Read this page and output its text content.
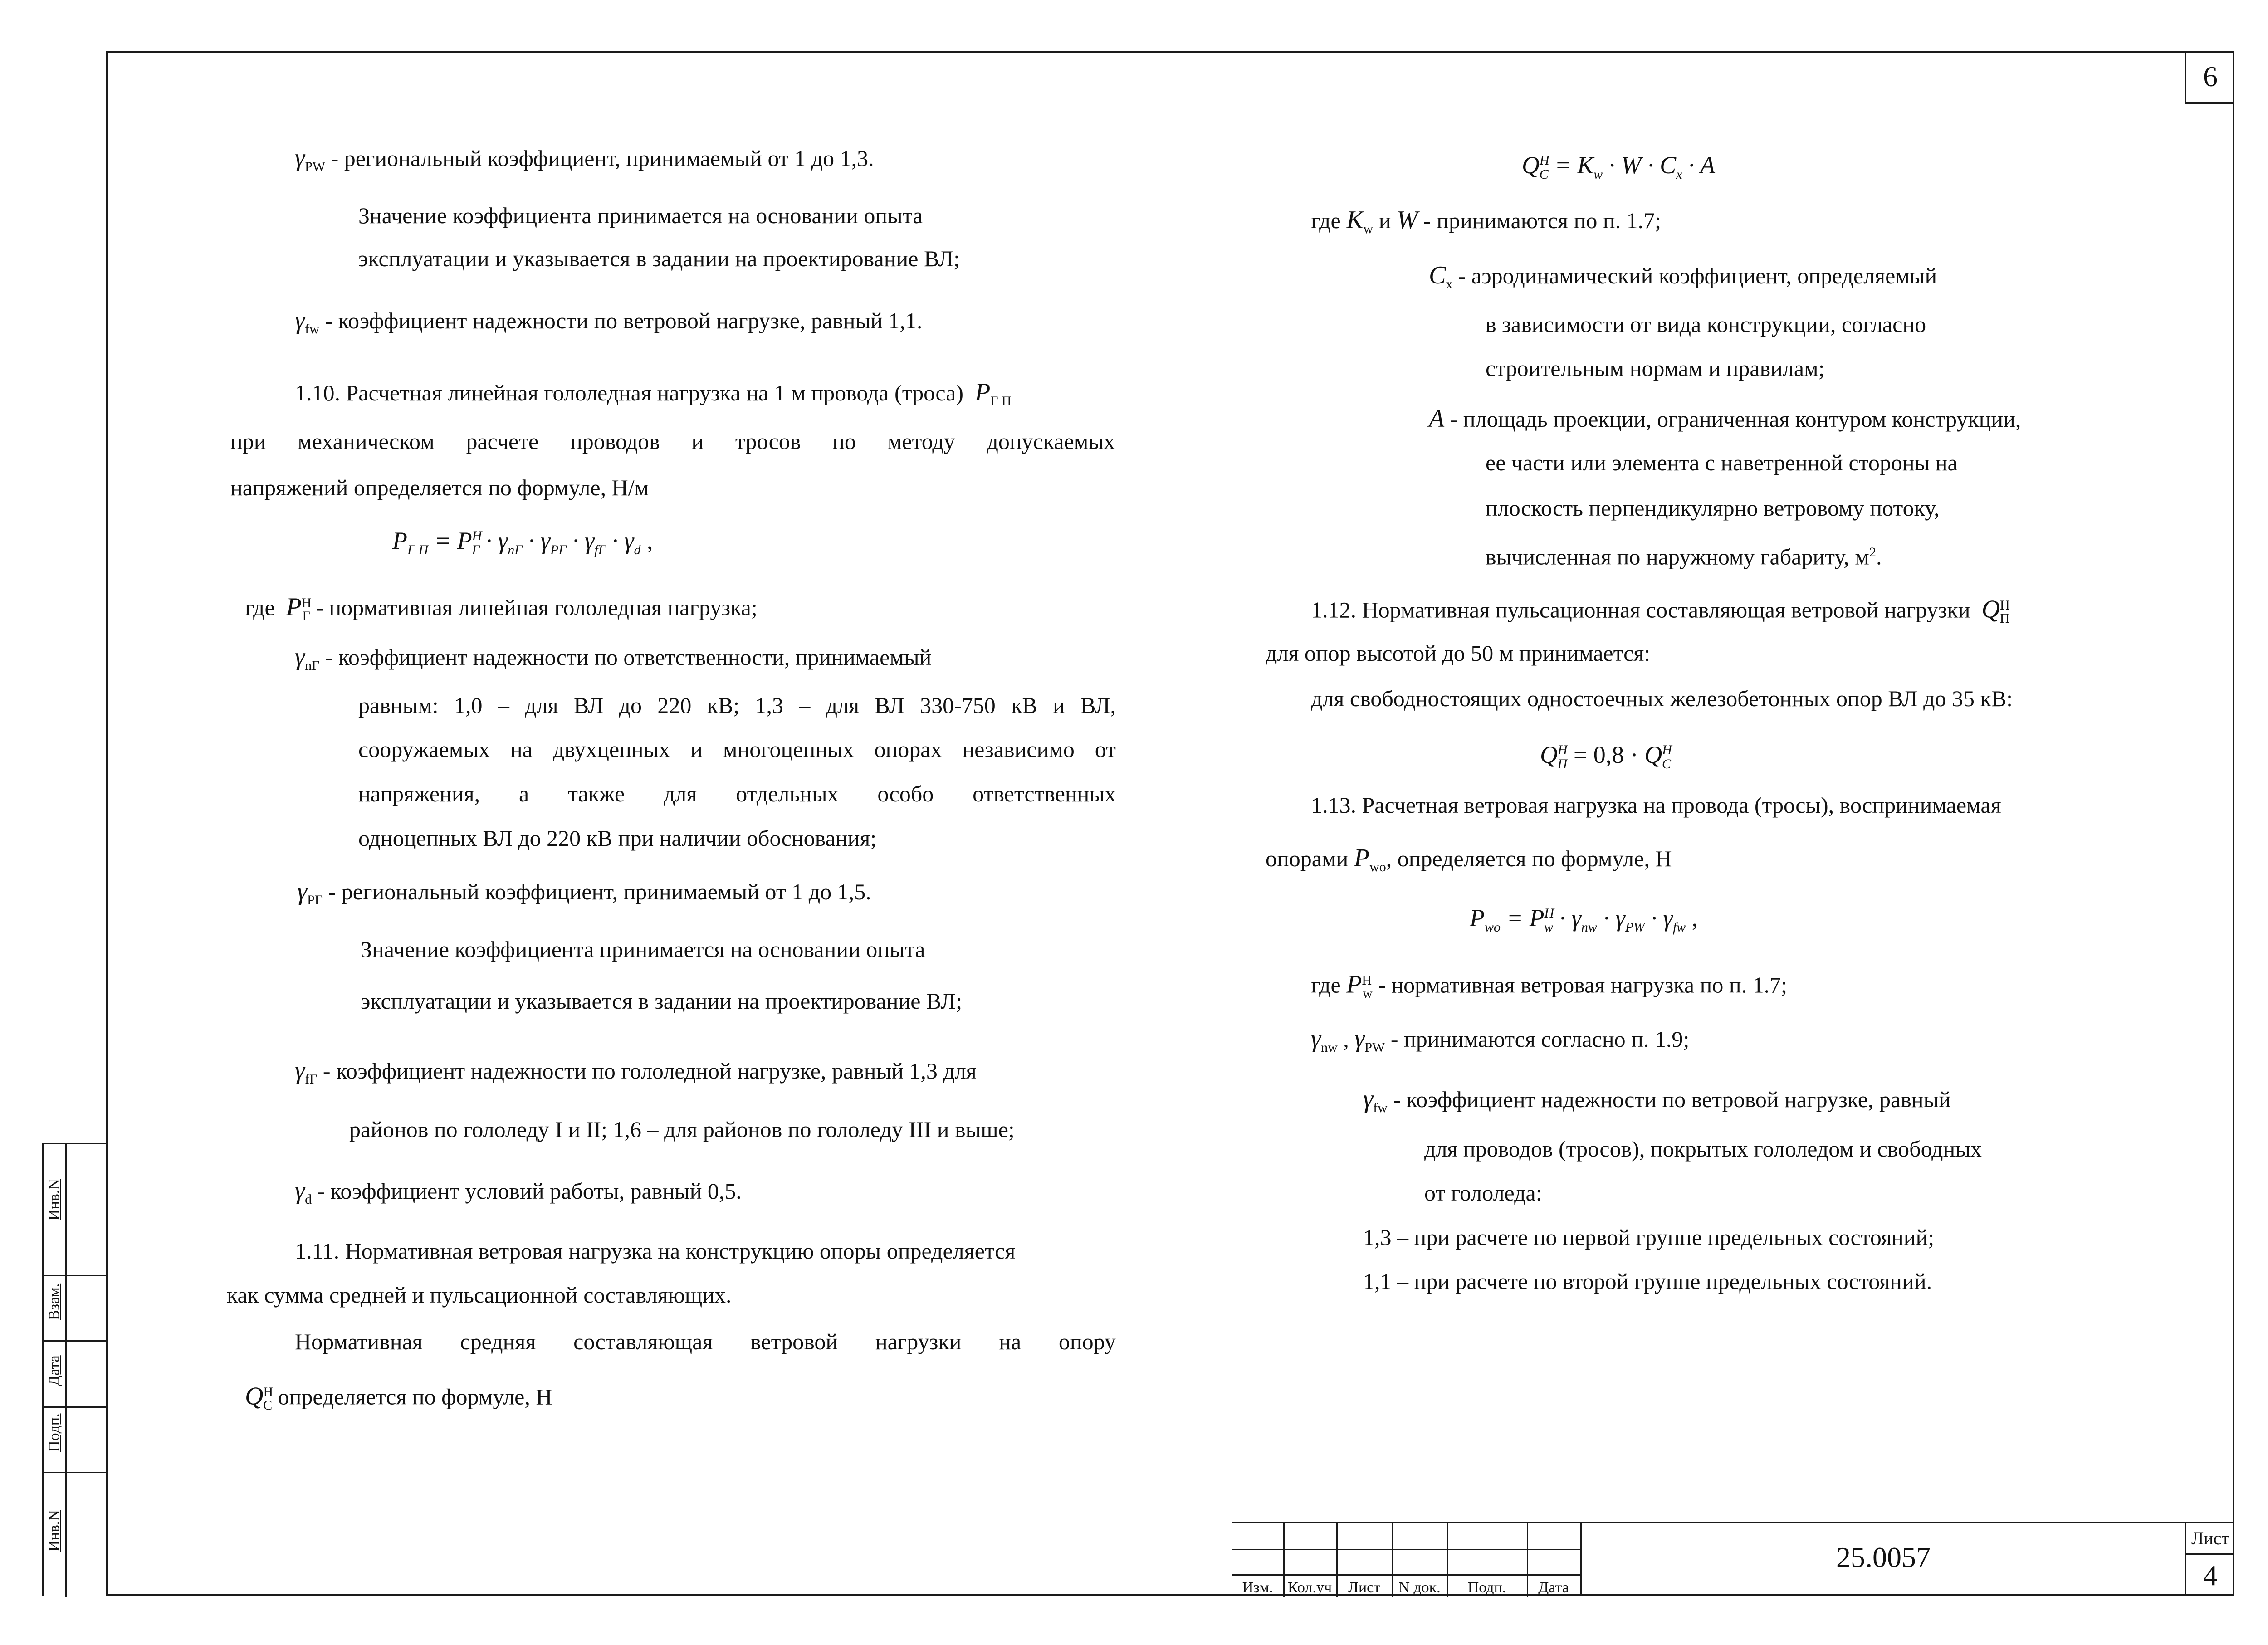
6
$\gamma_{PW}$ - региональный коэффициент, принимаемый от 1 до 1,3.
Значение коэффициента принимается на основании опыта
эксплуатации и указывается в задании на проектирование ВЛ;
$\gamma_{fw}$ - коэффициент надежности по ветровой нагрузке, равный 1,1.
1.10. Расчетная линейная гололедная нагрузка на 1 м провода (троса) $P_{Г П}$
при механическом расчете проводов и тросов по методу допускаемых
напряжений определяется по формуле, Н/м
$P_{Г П} = P^Н_Г \cdot \gamma_{nГ} \cdot \gamma_{PГ} \cdot \gamma_{fГ} \cdot \gamma_d$ ,
где $P^Н_Г$ - нормативная линейная гололедная нагрузка;
$\gamma_{nГ}$ - коэффициент надежности по ответственности, принимаемый
равным: 1,0 – для ВЛ до 220 кВ; 1,3 – для ВЛ 330-750 кВ и ВЛ,
сооружаемых на двухцепных и многоцепных опорах независимо от
напряжения, а также для отдельных особо ответственных
одноцепных ВЛ до 220 кВ при наличии обоснования;
$\gamma_{PГ}$ - региональный коэффициент, принимаемый от 1 до 1,5.
Значение коэффициента принимается на основании опыта
эксплуатации и указывается в задании на проектирование ВЛ;
$\gamma_{fГ}$ - коэффициент надежности по гололедной нагрузке, равный 1,3 для
районов по гололеду I и II; 1,6 – для районов по гололеду III и выше;
$\gamma_d$ - коэффициент условий работы, равный 0,5.
1.11. Нормативная ветровая нагрузка на конструкцию опоры определяется
как сумма средней и пульсационной составляющих.
Нормативная средняя составляющая ветровой нагрузки на опору
$Q^Н_C$ определяется по формуле, Н
$Q^Н_C = K_w \cdot W \cdot C_x \cdot A$
где $K_w$ и W - принимаются по п. 1.7;
$C_x$ - аэродинамический коэффициент, определяемый
в зависимости от вида конструкции, согласно
строительным нормам и правилам;
A - площадь проекции, ограниченная контуром конструкции,
ее части или элемента с наветренной стороны на
плоскость перпендикулярно ветровому потоку,
вычисленная по наружному габариту, $м^2$.
1.12. Нормативная пульсационная составляющая ветровой нагрузки $Q^Н_П$
для опор высотой до 50 м принимается:
для свободностоящих одностоечных железобетонных опор ВЛ до 35 кВ:
$Q^Н_П = 0,8 \cdot Q^Н_C$
1.13. Расчетная ветровая нагрузка на провода (тросы), воспринимаемая
опорами $P_{wo}$, определяется по формуле, Н
$P_{wo} = P^Н_w \cdot \gamma_{nw} \cdot \gamma_{PW} \cdot \gamma_{fw}$ ,
где $P^Н_w$ - нормативная ветровая нагрузка по п. 1.7;
$\gamma_{nw}$ , $\gamma_{PW}$ - принимаются согласно п. 1.9;
$\gamma_{fw}$ - коэффициент надежности по ветровой нагрузке, равный
для проводов (тросов), покрытых гололедом и свободных
от гололеда:
1,3 – при расчете по первой группе предельных состояний;
1,1 – при расчете по второй группе предельных состояний.
Изм. Кол.уч	Лист	N док.	Подп.	Дата
25.0057
Лист
4
Инв.N
Взам.
Дата
Подп.
Инв.N
